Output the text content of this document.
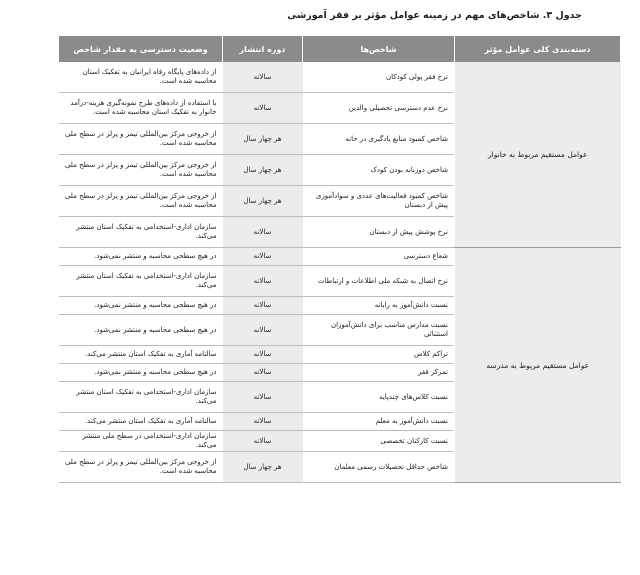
جدول ۳. شاخص‌های مهم در زمینه عوامل مؤثر بر فقر آموزشی
دسته‌بندی کلی عوامل مؤثر	شاخص‌ها	دوره انتشار	وضعیت دسترسی به مقدار شاخص
عوامل مستقیم مربوط به خانوار	نرخ فقر پولی کودکان	سالانه	از داده‌های پایگاه رفاه ایرانیان به تفکیک استان محاسبه شده است.
	نرخ عدم دسترسی تحصیلی والدین	سالانه	با استفاده از داده‌های طرح نمونه‌گیری هزینه-درآمد خانوار به تفکیک استان محاسبه شده است.
	شاخص کمبود منابع یادگیری در خانه	هر چهار سال	از خروجی مرکز بین‌المللی تیمز و پرلز در سطح ملی محاسبه شده است.
	شاخص دوزبانه بودن کودک	هر چهار سال	از خروجی مرکز بین‌المللی تیمز و پرلز در سطح ملی محاسبه شده است.
	شاخص کمبود فعالیت‌های عددی و سوادآموزی پیش از دبستان	هر چهار سال	از خروجی مرکز بین‌المللی تیمز و پرلز در سطح ملی محاسبه شده است.
	نرخ پوشش پیش از دبستان	سالانه	سازمان اداری-استخدامی به تفکیک استان منتشر می‌کند.
عوامل مستقیم مربوط به مدرسه	شعاع دسترسی	سالانه	در هیچ سطحی محاسبه و منتشر نمی‌شود.
	نرخ اتصال به شبکه ملی اطلاعات و ارتباطات	سالانه	سازمان اداری-استخدامی به تفکیک استان منتشر می‌کند.
	نسبت دانش‌آموز به رایانه	سالانه	در هیچ سطحی محاسبه و منتشر نمی‌شود.
	نسبت مدارس مناسب برای دانش‌آموزان استثنائی	سالانه	در هیچ سطحی محاسبه و منتشر نمی‌شود.
	تراکم کلاس	سالانه	سالنامه آماری به تفکیک استان منتشر می‌کند.
	تمرکز فقر	سالانه	در هیچ سطحی محاسبه و منتشر نمی‌شود.
	نسبت کلاس‌های چندپایه	سالانه	سازمان اداری-استخدامی به تفکیک استان منتشر می‌کند.
	نسبت دانش‌آموز به معلم	سالانه	سالنامه آماری به تفکیک استان منتشر می‌کند.
	نسبت کارکنان تخصصی	سالانه	سازمان اداری-استخدامی در سطح ملی منتشر می‌کند.
	شاخص حداقل تحصیلات رسمی معلمان	هر چهار سال	از خروجی مرکز بین‌المللی تیمز و پرلز در سطح ملی محاسبه شده است.
